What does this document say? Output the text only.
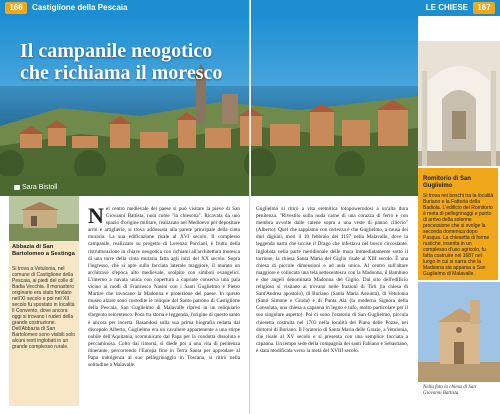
166	Castiglione della Pescaia	LE CHIESE	167
Il campanile neogotico
che richiama il moresco
Sara Bistoll
Abbazia di San Bartolomeo a Sestinga
Si trova a Vetulonia, nel comune di Castiglione della Pescaia, ai piedi del colle di Badia Vecchia. Il monastero originario era stato fondato nell'XI secolo e poi nel XII secolo fu spostato in località Il Convento, dove ancora oggi si trovano i ruderi della grande costruzione. Dell'Abbazia di San Bartolomeo sono visibili solo alcuni resti inglobati in un grande complesso rurale.
Nel centro medievale del paese si può visitare la pieve di San Giovanni Battista, nota come "la chiesona". Ricavata da uno spazio d'origine militare, realizzato nel Medioevo per depositare armi e artiglierie, si trova addossata alla parete principale della cinta muraria. La sua edificazione risale al XVI secolo. Il complesso campanile, realizzato su progetto di Lorenzo Porciani, è frutto della ristrutturazione in chiave neogotica con richiami all'architettura moresca di una torre della cinta muraria fatta agli inizi del XX secolo. Sopra l'ingresso, che si apre sulla facciata laterale maggiore, il murato un architrave d'epoca alto medievale, scolpito con simboli evangelici. L'interno a navata unica con copertura a capriate conserva una pala vicino ai modi di Francesco Nasini con i Santi Guglielmo e Pietro Martire che invocano la Madonna e protezione del paese. In questo museo alzare sono custodite le reliquie del Santo patrono di Castiglione della Pescaia, San Guglielmo di Malavalle ripresi in un reliquiario d'argento seicentesco. Poca tra storia e leggenda, l'origine di questo santo è ancora per incerta. Basandosi sulla sua prima biografia redatta dal discepolo Alberto, Guglielmo era un cavaliere appartenente a una stirpe nobile dell'Aquitania, scomunicato dal Papa per la condotta dissoluta e peccaminosa. Colto dai rimorsi, si diede poi a una vita di penitenza itinerante, percorrendo l'Europa fino in Terra Santa per approdare al Papa indulgenza al suo pellegrinaggio in Toscana, si ritirò nella solitudine a Malavalle.
Guglielmo si ritirò a vita eremitica totopowerndosi a un'alta dura penitenza. "Rivestito sulla nuda carne di una corazza di ferro e con membra avvolte dalle catene sopra a una veste di panno ciliccio" (Alberto). Quel che sappiamo con certezza è che Guglielmo, a causa dei duri digiuni, morì il 10 febbraio del 1157 nella Malavalle, dove la leggenda narra che uccise il Drago che infestava nel bosco circostante. Inglobata nella parte meridionale delle mura immediatamente sotto il torrione, la chiesa Santa Maria del Giglio risale al XIII secolo. È una chiesa di piccole dimensioni e ad aula unica. Al centro sull'altare maggiore è collocata una tela settecentesca con la Madonna, il Bambino e due angeli denominata Madonna del Giglio. Dal sito dell'edificio religioso si visitano ai trovano nelle frazioni di Tirli (la chiesa di Sant'Andrea apostolo), di Buriano (Santa Maria Assunta), di Vetulonia (Santi Simone e Giuda) e di Punta Ala (la moderna Signora della Consolata, una chiesa a capanna in legno e tufo, molto particolare per il suo singolare aspetto). Poi ci sono l'oratorio di San Guglielmo, piccola chiesetta costruita nel 1703 nella località del Piano delle Pozze, nei dintorni di Buriano. Il l'oratorio di Santa Maria delle Grazie, a Vetulonia, che risale al XV secolo e si presenta con una semplice facciata a capanna. Un tempo sede della compagnia dei santi Fabiano e Sebastiano, è stata modificata verso la metà del XVIII secolo.
Romitorio di San Guglielmo
Si trova nei boschi tra la località Buriano e la Fattoria della Badiola. L'edificio del Romitorio è meta di pellegrinaggi e punto di arrivo della solenne processione che si svolge la seconda domenica dopo Pasqua. La chiesetta di forme rustiche, inserita in un complesso d'uso agricolo, fu fatta costruire nel 1687 nel luogo in cui si narra che la Madonna sia apparsa a San Guglielmo di Malavalle.
Nella foto la chiesa di San Giovanni Battista
